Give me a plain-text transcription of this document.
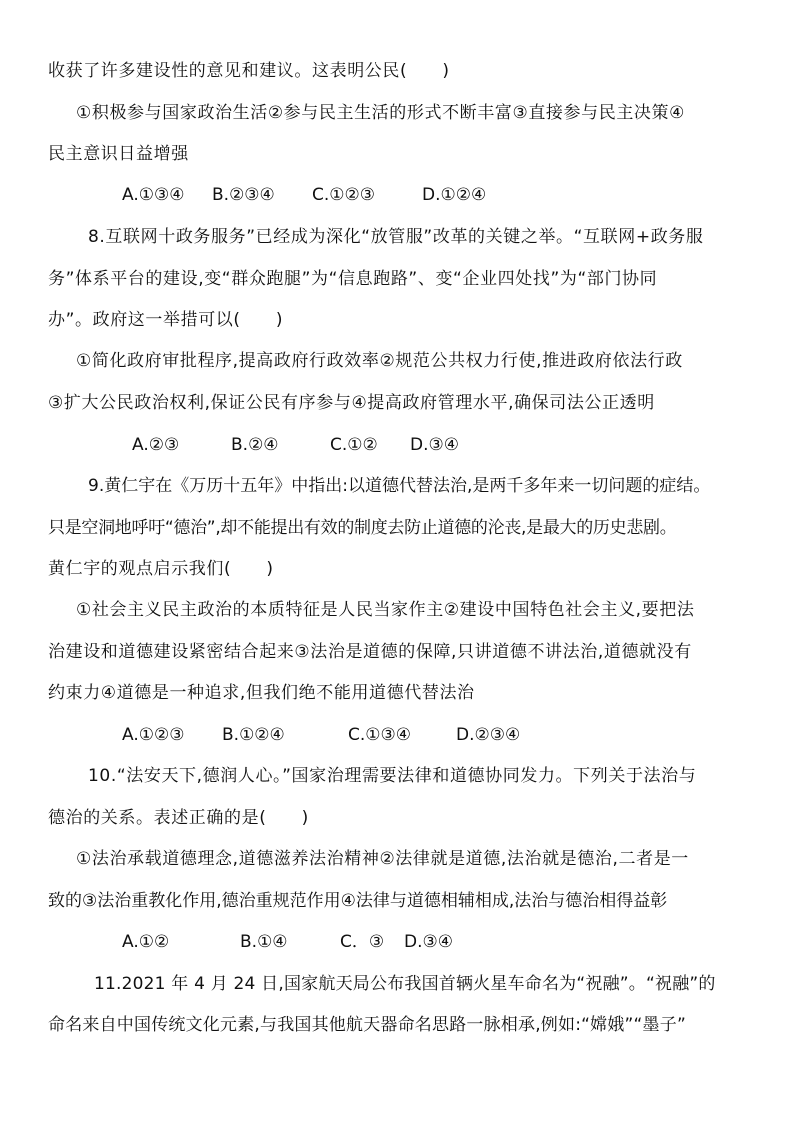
收获了许多建设性的意见和建议。这表明公民(　　)
①积极参与国家政治生活②参与民主生活的形式不断丰富③直接参与民主决策④
民主意识日益增强
A.①③④ B.②③④ C.①②③	D.①②④
8.互联网十政务服务”已经成为深化“放管服”改革的关键之举。“互联网+政务服
务”体系平台的建设,变“群众跑腿”为“信息跑路”、变“企业四处找”为“部门协同
办”。政府这一举措可以(　　)
①简化政府审批程序,提高政府行政效率②规范公共权力行使,推进政府依法行政
③扩大公民政治权利,保证公民有序参与④提高政府管理水平,确保司法公正透明
A.②③	B.②④	C.①② D.③④
9.黄仁宇在《万历十五年》中指出:以道德代替法治,是两千多年来一切问题的症结。
只是空洞地呼吁“德治”,却不能提出有效的制度去防止道德的沦丧,是最大的历史悲剧。
黄仁宇的观点启示我们(　　)
①社会主义民主政治的本质特征是人民当家作主②建设中国特色社会主义,要把法
治建设和道德建设紧密结合起来③法治是道德的保障,只讲道德不讲法治,道德就没有
约束力④道德是一种追求,但我们绝不能用道德代替法治
A.①②③ B.①②④	C.①③④	D.②③④
10.“法安天下,德润人心。”国家治理需要法律和道德协同发力。下列关于法治与
德治的关系。表述正确的是(　　)
①法治承载道德理念,道德滋养法治精神②法律就是道德,法治就是德治,二者是一
致的③法治重教化作用,德治重规范作用④法律与道德相辅相成,法治与德治相得益彰
A.①②	B.①④	C．③ D.③④
11.2021 年 4 月 24 日,国家航天局公布我国首辆火星车命名为“祝融”。“祝融”的
命名来自中国传统文化元素,与我国其他航天器命名思路一脉相承,例如:“嫦娥”“墨子”
